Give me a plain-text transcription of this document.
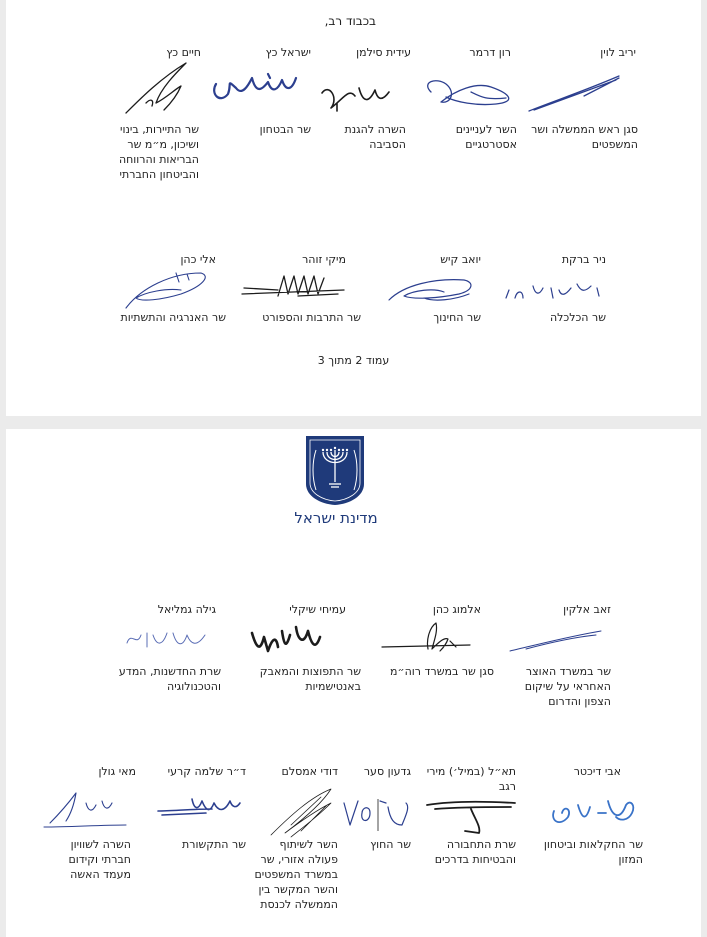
בכבוד רב,
יריב לוין
סגן ראש הממשלה ושר המשפטים
רון דרמר
השר לעניינים אסטרטגיים
עידית סילמן
השרה להגנת הסביבה
ישראל כץ
שר הבטחון
חיים כץ
שר התיירות, בינוי ושיכון, מ״מ שר הבריאות והרווחה והביטחון החברתי
ניר ברקת
שר הכלכלה
יואב קיש
שר החינוך
מיקי זוהר
שר התרבות והספורט
אלי כהן
שר האנרגיה והתשתיות
עמוד 2 מתוך 3
מדינת ישראל
זאב אלקין
שר במשרד האוצר האחראי על שיקום הצפון והדרום
אלמוג כהן
סגן שר במשרד רוה״מ
עמיחי שיקלי
שר התפוצות והמאבק באנטישמיות
גילה גמליאל
שרת החדשנות, המדע והטכנולוגיה
אבי דיכטר
שר החקלאות וביטחון המזון
תא״ל (במיל׳) מירי רגב
שרת התחבורה והבטיחות בדרכים
גדעון סער
שר החוץ
דודי אמסלם
השר לשיתוף פעולה אזורי, שר במשרד המשפטים והשר המקשר בין הממשלה לכנסת
ד״ר שלמה קרעי
שר התקשורת
מאי גולן
השרה לשוויון חברתי וקידום מעמד האשה
